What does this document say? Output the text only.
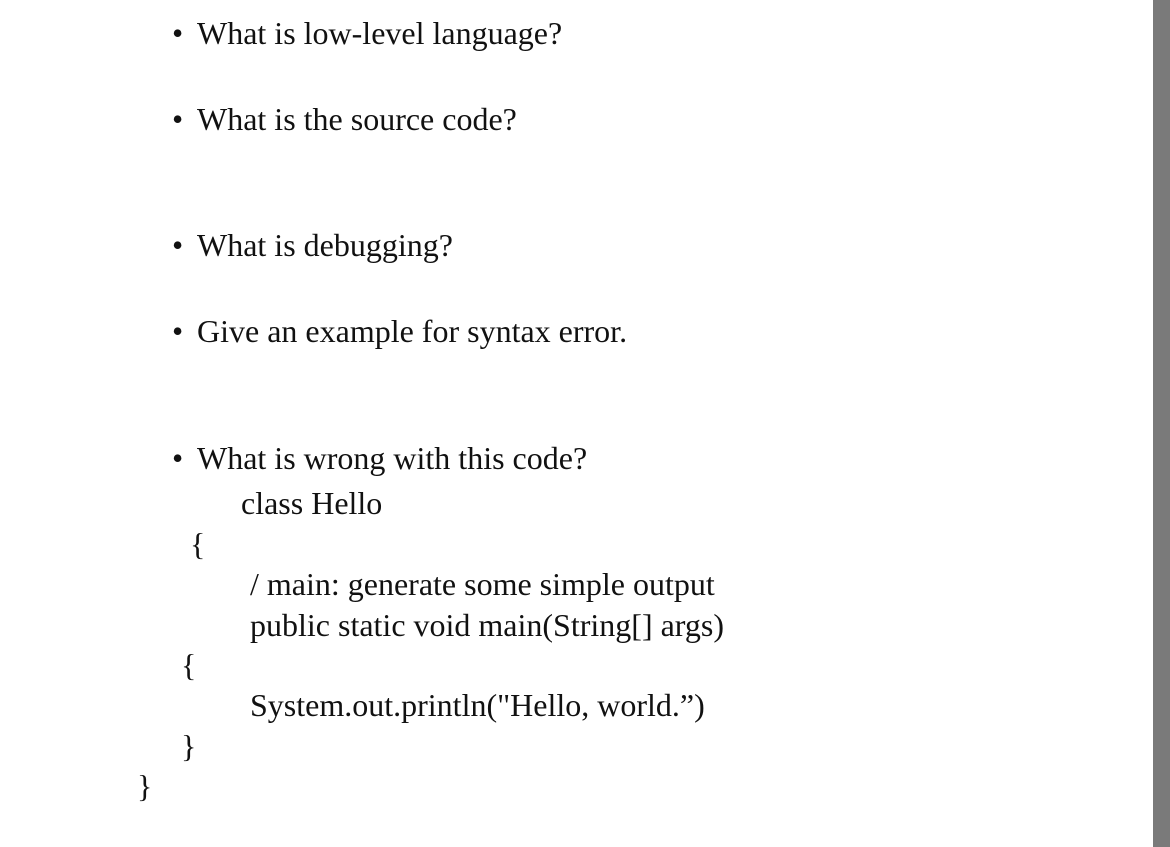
• What is low-level language?
• What is the source code?
• What is debugging?
• Give an example for syntax error.
• What is wrong with this code?
class Hello
{
/ main: generate some simple output
public static void main(String[] args)
{
System.out.println("Hello, world.”)
}
}
